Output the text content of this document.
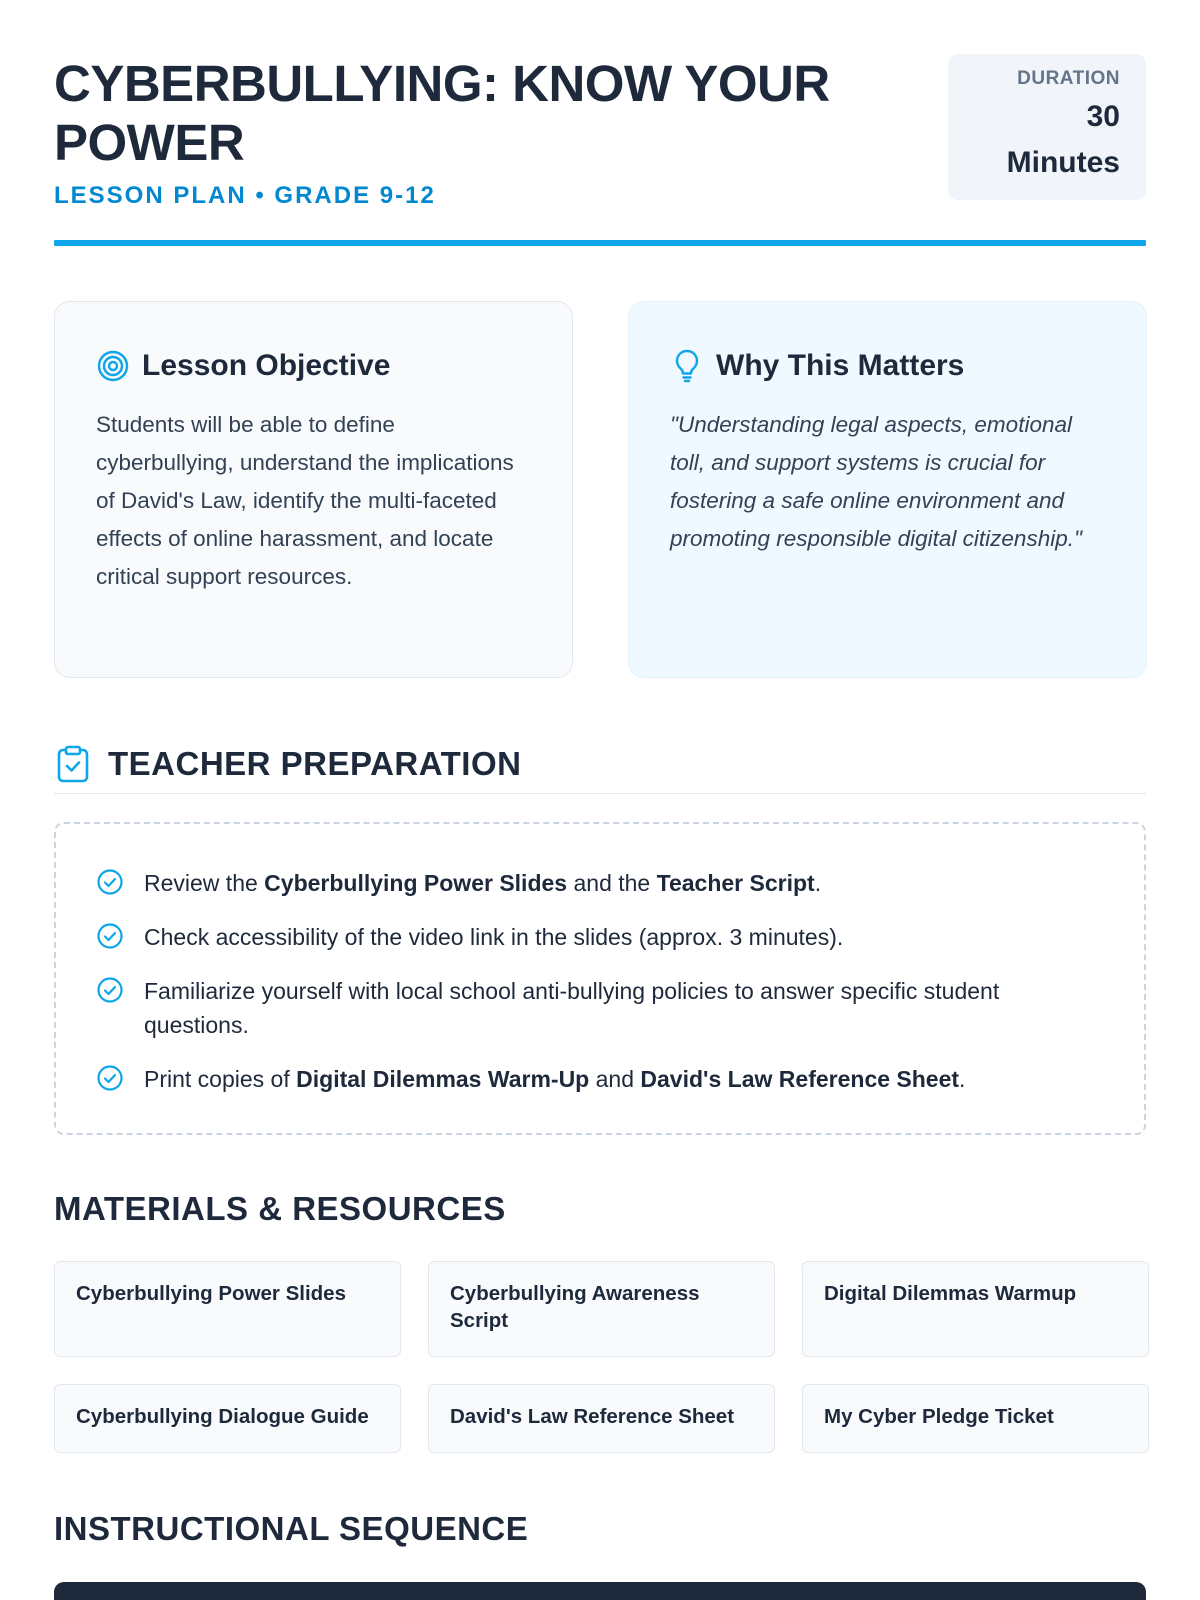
CYBERBULLYING: KNOW YOUR POWER
LESSON PLAN • GRADE 9-12
DURATION
30
Minutes
Lesson Objective

Students will be able to define cyberbullying, understand the implications of David's Law, identify the multi-faceted effects of online harassment, and locate critical support resources.

Why This Matters

"Understanding legal aspects, emotional toll, and support systems is crucial for fostering a safe online environment and promoting responsible digital citizenship."

TEACHER PREPARATION
Review the Cyberbullying Power Slides and the Teacher Script.
Check accessibility of the video link in the slides (approx. 3 minutes).
Familiarize yourself with local school anti-bullying policies to answer specific student questions.
Print copies of Digital Dilemmas Warm-Up and David's Law Reference Sheet.
MATERIALS & RESOURCES
Cyberbullying Power Slides	Cyberbullying Awareness Script
Digital Dilemmas Warmup
Cyberbullying Dialogue Guide	David's Law Reference Sheet	My Cyber Pledge Ticket
INSTRUCTIONAL SEQUENCE
